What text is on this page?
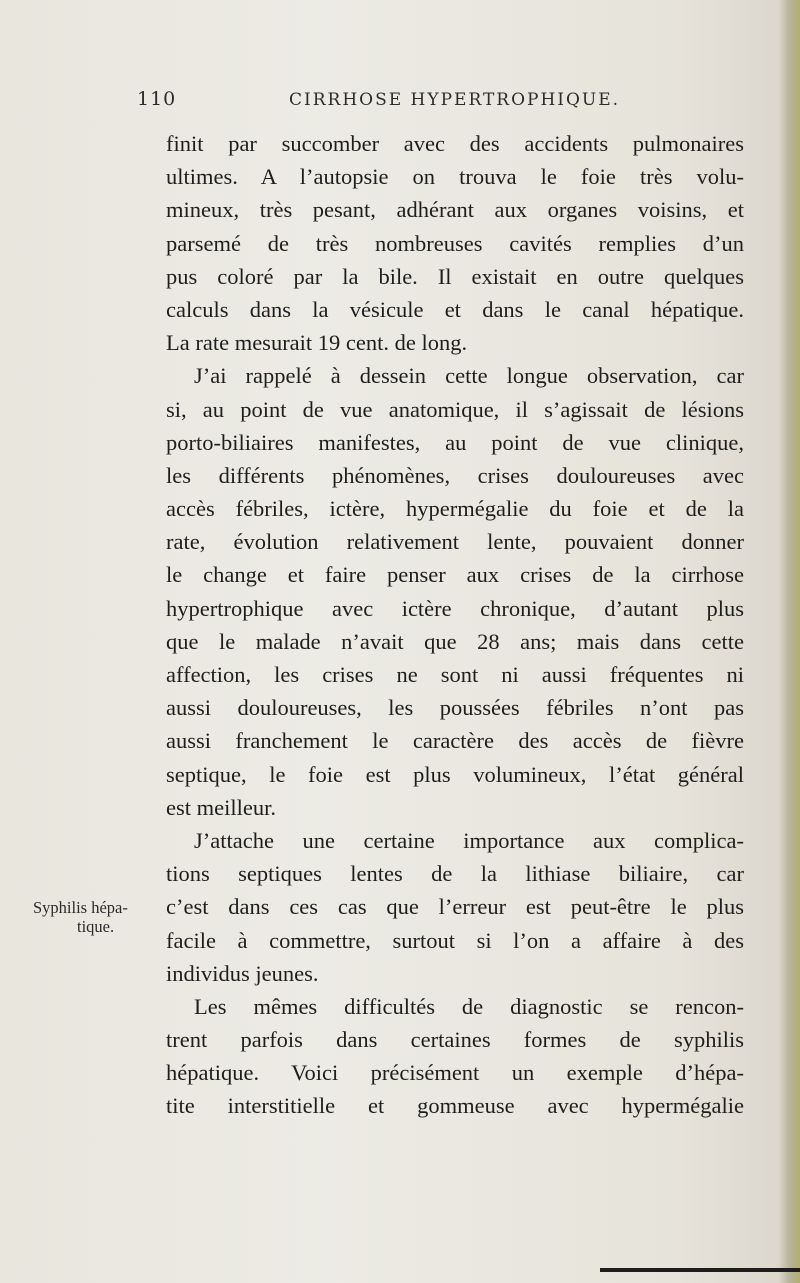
110	CIRRHOSE HYPERTROPHIQUE.
Syphilis hépa-
tique.
finit par succomber avec des accidents pulmonaires
ultimes. A l’autopsie on trouva le foie très volu-
mineux, très pesant, adhérant aux organes voisins, et
parsemé de très nombreuses cavités remplies d’un
pus coloré par la bile. Il existait en outre quelques
calculs dans la vésicule et dans le canal hépatique.
La rate mesurait 19 cent. de long.
J’ai rappelé à dessein cette longue observation, car
si, au point de vue anatomique, il s’agissait de lésions
porto-biliaires manifestes, au point de vue clinique,
les différents phénomènes, crises douloureuses avec
accès fébriles, ictère, hypermégalie du foie et de la
rate, évolution relativement lente, pouvaient donner
le change et faire penser aux crises de la cirrhose
hypertrophique avec ictère chronique, d’autant plus
que le malade n’avait que 28 ans; mais dans cette
affection, les crises ne sont ni aussi fréquentes ni
aussi douloureuses, les poussées fébriles n’ont pas
aussi franchement le caractère des accès de fièvre
septique, le foie est plus volumineux, l’état général
est meilleur.
J’attache une certaine importance aux complica-
tions septiques lentes de la lithiase biliaire, car
c’est dans ces cas que l’erreur est peut-être le plus
facile à commettre, surtout si l’on a affaire à des
individus jeunes.
Les mêmes difficultés de diagnostic se rencon-
trent parfois dans certaines formes de syphilis
hépatique. Voici précisément un exemple d’hépa-
tite interstitielle et gommeuse avec hypermégalie
